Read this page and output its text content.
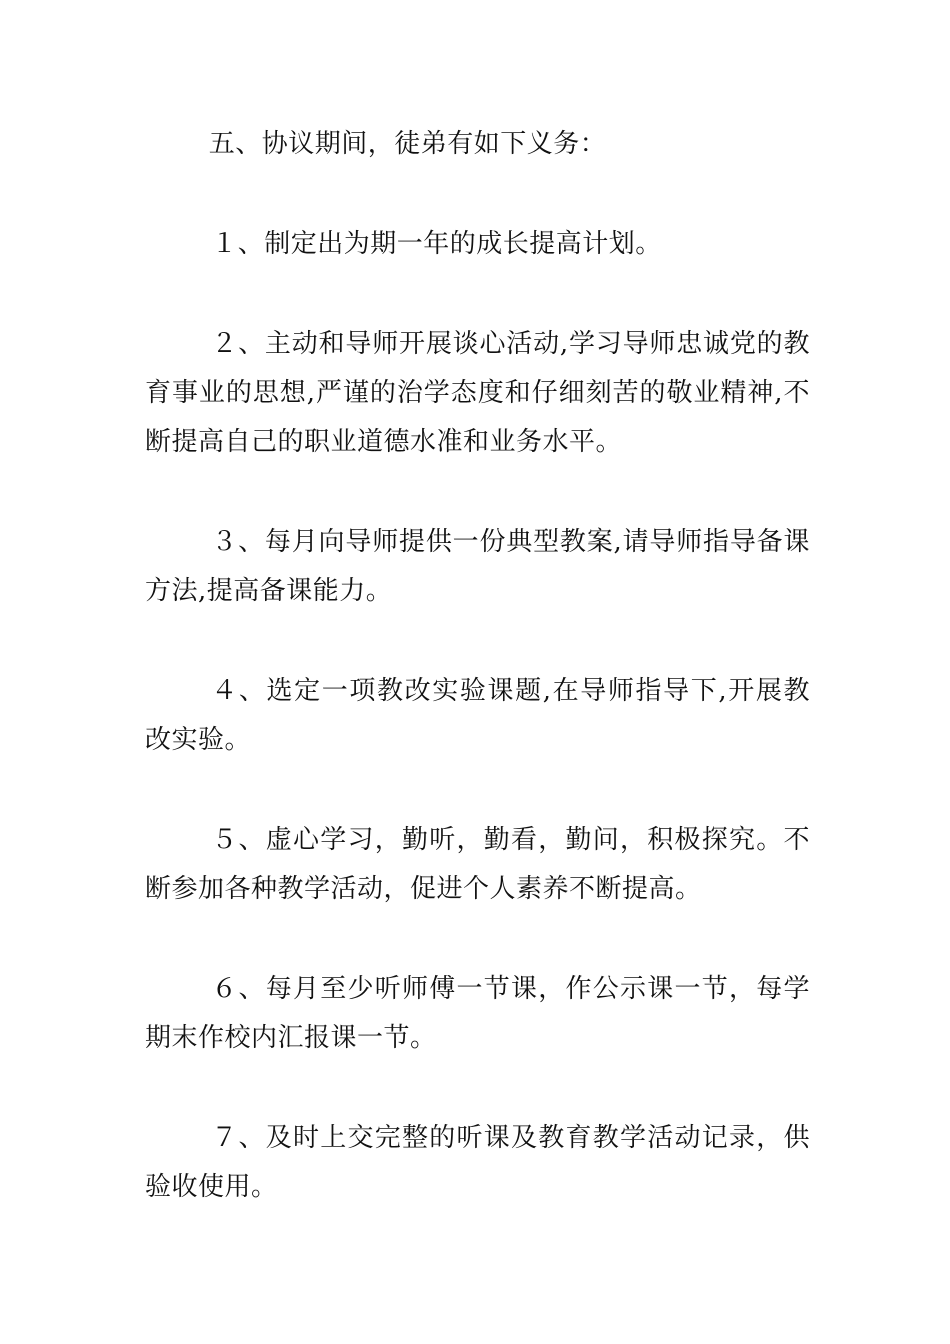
五、协议期间，徒弟有如下义务：

１、制定出为期一年的成长提高计划。

２、主动和导师开展谈心活动,学习导师忠诚党的教育事业的思想,严谨的治学态度和仔细刻苦的敬业精神,不断提高自己的职业道德水准和业务水平。

３、每月向导师提供一份典型教案,请导师指导备课方法,提高备课能力。

４、选定一项教改实验课题,在导师指导下,开展教改实验。

５、虚心学习，勤听，勤看，勤问，积极探究。不断参加各种教学活动，促进个人素养不断提高。

６、每月至少听师傅一节课，作公示课一节，每学期末作校内汇报课一节。

７、及时上交完整的听课及教育教学活动记录，供验收使用。
